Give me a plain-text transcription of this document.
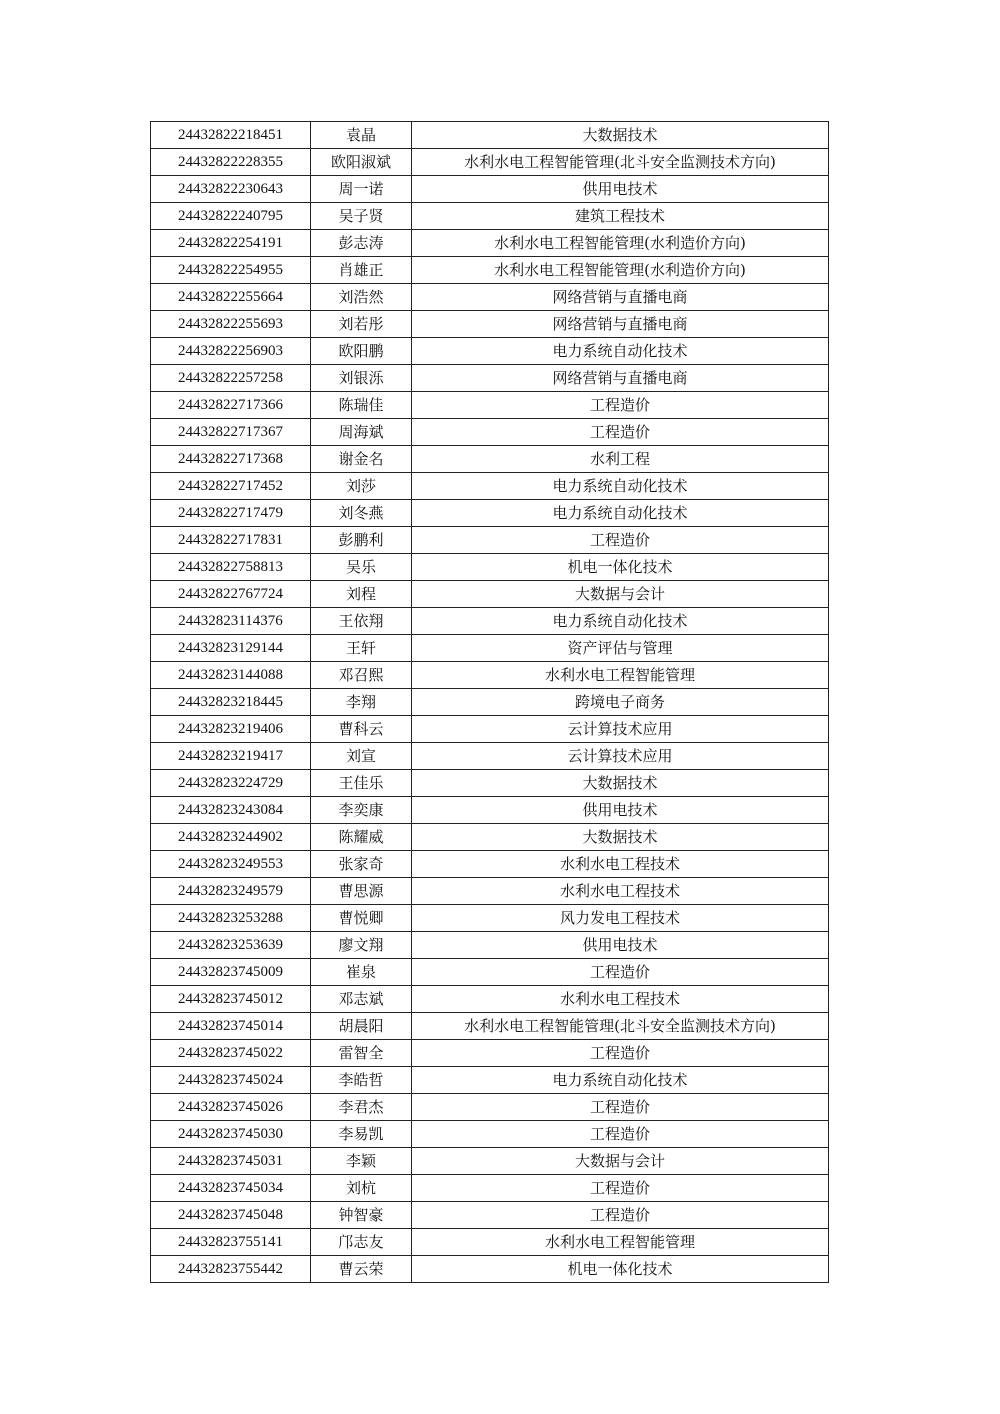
24432822218451	袁晶	大数据技术
24432822228355	欧阳淑斌	水利水电工程智能管理(北斗安全监测技术方向)
24432822230643	周一诺	供用电技术
24432822240795	吴子贤	建筑工程技术
24432822254191	彭志涛	水利水电工程智能管理(水利造价方向)
24432822254955	肖雄正	水利水电工程智能管理(水利造价方向)
24432822255664	刘浩然	网络营销与直播电商
24432822255693	刘若彤	网络营销与直播电商
24432822256903	欧阳鹏	电力系统自动化技术
24432822257258	刘银泺	网络营销与直播电商
24432822717366	陈瑞佳	工程造价
24432822717367	周海斌	工程造价
24432822717368	谢金名	水利工程
24432822717452	刘莎	电力系统自动化技术
24432822717479	刘冬燕	电力系统自动化技术
24432822717831	彭鹏利	工程造价
24432822758813	吴乐	机电一体化技术
24432822767724	刘程	大数据与会计
24432823114376	王依翔	电力系统自动化技术
24432823129144	王轩	资产评估与管理
24432823144088	邓召熙	水利水电工程智能管理
24432823218445	李翔	跨境电子商务
24432823219406	曹科云	云计算技术应用
24432823219417	刘宣	云计算技术应用
24432823224729	王佳乐	大数据技术
24432823243084	李奕康	供用电技术
24432823244902	陈耀威	大数据技术
24432823249553	张家奇	水利水电工程技术
24432823249579	曹思源	水利水电工程技术
24432823253288	曹悦卿	风力发电工程技术
24432823253639	廖文翔	供用电技术
24432823745009	崔泉	工程造价
24432823745012	邓志斌	水利水电工程技术
24432823745014	胡晨阳	水利水电工程智能管理(北斗安全监测技术方向)
24432823745022	雷智全	工程造价
24432823745024	李皓哲	电力系统自动化技术
24432823745026	李君杰	工程造价
24432823745030	李易凯	工程造价
24432823745031	李颖	大数据与会计
24432823745034	刘杭	工程造价
24432823745048	钟智豪	工程造价
24432823755141	邝志友	水利水电工程智能管理
24432823755442	曹云荣	机电一体化技术
